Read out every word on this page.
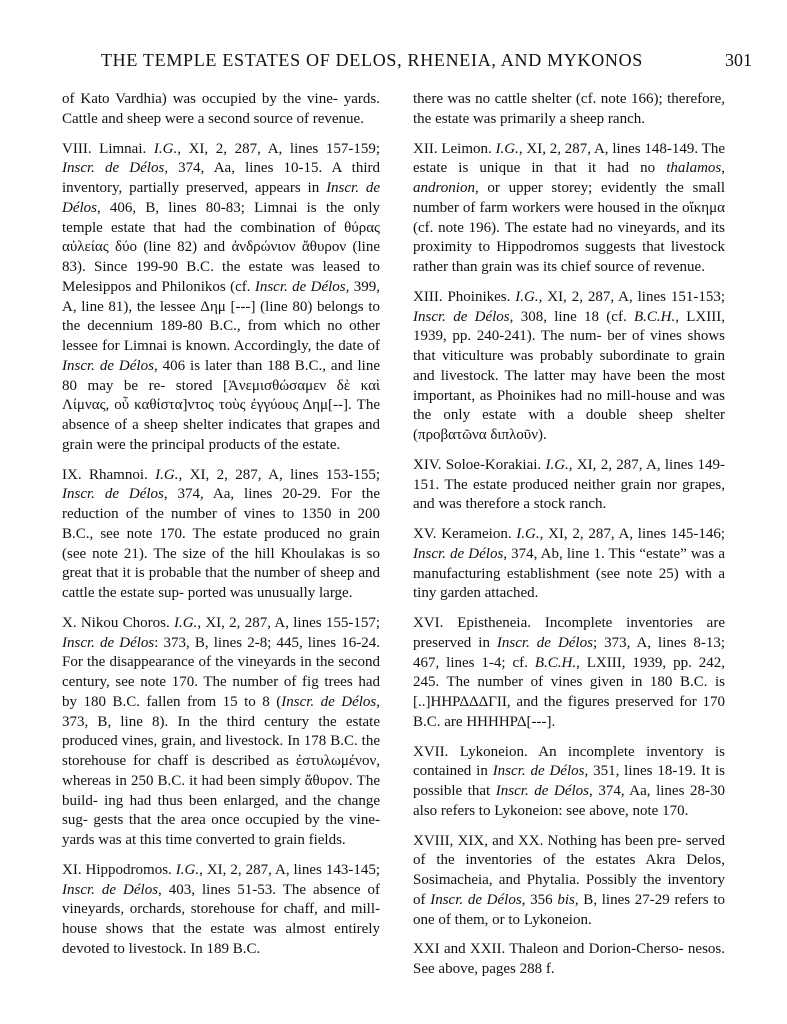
THE TEMPLE ESTATES OF DELOS, RHENEIA, AND MYKONOS	301

of Kato Vardhia) was occupied by the vine- yards. Cattle and sheep were a second source of revenue.

VIII. Limnai. I.G., XI, 2, 287, A, lines 157-159; Inscr. de Délos, 374, Aa, lines 10-15. A third inventory, partially preserved, appears in Inscr. de Délos, 406, B, lines 80-83; Limnai is the only temple estate that had the combination of θύρας αὐλείας δύο (line 82) and ἀνδρώνιον ἄθυρον (line 83). Since 199-90 B.C. the estate was leased to Melesippos and Philonikos (cf. Inscr. de Délos, 399, A, line 81), the lessee Δημ [---] (line 80) belongs to the decennium 189-80 B.C., from which no other lessee for Limnai is known. Accordingly, the date of Inscr. de Délos, 406 is later than 188 B.C., and line 80 may be re- stored [Ἀνεμισθώσαμεν δὲ καὶ Λίμνας, οὗ καθίστα]ντος τοὺς ἐγγύους Δημ[--]. The absence of a sheep shelter indicates that grapes and grain were the principal products of the estate.

IX. Rhamnoi. I.G., XI, 2, 287, A, lines 153-155; Inscr. de Délos, 374, Aa, lines 20-29. For the reduction of the number of vines to 1350 in 200 B.C., see note 170. The estate produced no grain (see note 21). The size of the hill Khoulakas is so great that it is probable that the number of sheep and cattle the estate sup- ported was unusually large.

X. Nikou Choros. I.G., XI, 2, 287, A, lines 155-157; Inscr. de Délos: 373, B, lines 2-8; 445, lines 16-24. For the disappearance of the vineyards in the second century, see note 170. The number of fig trees had by 180 B.C. fallen from 15 to 8 (Inscr. de Délos, 373, B, line 8). In the third century the estate produced vines, grain, and livestock. In 178 B.C. the storehouse for chaff is described as ἐστυλωμένον, whereas in 250 B.C. it had been simply ἄθυρον. The build- ing had thus been enlarged, and the change sug- gests that the area once occupied by the vine- yards was at this time converted to grain fields.

XI. Hippodromos. I.G., XI, 2, 287, A, lines 143-145; Inscr. de Délos, 403, lines 51-53. The absence of vineyards, orchards, storehouse for chaff, and mill-house shows that the estate was almost entirely devoted to livestock. In 189 B.C.

there was no cattle shelter (cf. note 166); therefore, the estate was primarily a sheep ranch.

XII. Leimon. I.G., XI, 2, 287, A, lines 148-149. The estate is unique in that it had no thalamos, andronion, or upper storey; evidently the small number of farm workers were housed in the οἴκημα (cf. note 196). The estate had no vineyards, and its proximity to Hippodromos suggests that livestock rather than grain was its chief source of revenue.

XIII. Phoinikes. I.G., XI, 2, 287, A, lines 151-153; Inscr. de Délos, 308, line 18 (cf. B.C.H., LXIII, 1939, pp. 240-241). The num- ber of vines shows that viticulture was probably subordinate to grain and livestock. The latter may have been the most important, as Phoinikes had no mill-house and was the only estate with a double sheep shelter (προβατῶνα διπλοῦν).

XIV. Soloe-Korakiai. I.G., XI, 2, 287, A, lines 149-151. The estate produced neither grain nor grapes, and was therefore a stock ranch.

XV. Kerameion. I.G., XI, 2, 287, A, lines 145-146; Inscr. de Délos, 374, Ab, line 1. This “estate” was a manufacturing establishment (see note 25) with a tiny garden attached.

XVI. Epistheneia. Incomplete inventories are preserved in Inscr. de Délos; 373, A, lines 8-13; 467, lines 1-4; cf. B.C.H., LXIII, 1939, pp. 242, 245. The number of vines given in 180 B.C. is [..]ΗΗΡΔΔΔΓΙΙ, and the figures preserved for 170 B.C. are ΗΗΗΗΡΔ[---].

XVII. Lykoneion. An incomplete inventory is contained in Inscr. de Délos, 351, lines 18-19. It is possible that Inscr. de Délos, 374, Aa, lines 28-30 also refers to Lykoneion: see above, note 170.

XVIII, XIX, and XX. Nothing has been pre- served of the inventories of the estates Akra Delos, Sosimacheia, and Phytalia. Possibly the inventory of Inscr. de Délos, 356 bis, B, lines 27-29 refers to one of them, or to Lykoneion.

XXI and XXII. Thaleon and Dorion-Cherso- nesos. See above, pages 288 f.
